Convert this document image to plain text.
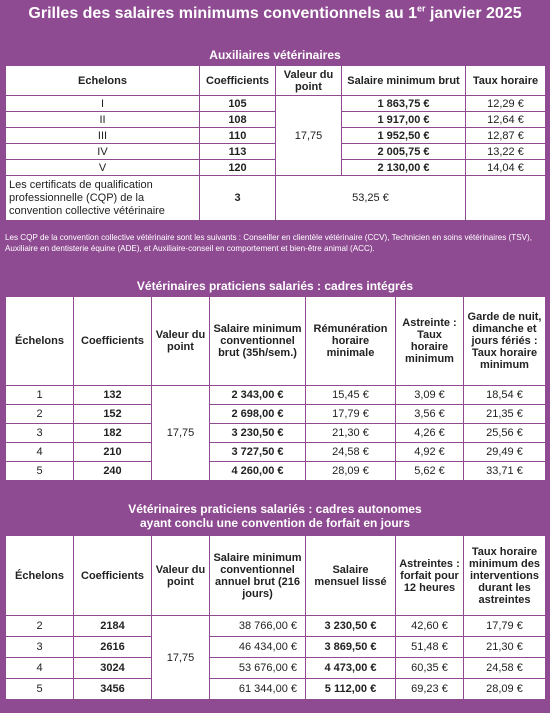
Grilles des salaires minimums conventionnels au 1er janvier 2025
Auxiliaires vétérinaires
Echelons	Coefficients	Valeur du point	Salaire minimum brut	Taux horaire
I	105	17,75	1 863,75 €	12,29 €
II	108		1 917,00 €	12,64 €
III	110		1 952,50 €	12,87 €
IV	113		2 005,75 €	13,22 €
V	120		2 130,00 €	14,04 €
Les certificats de qualification professionnelle (CQP) de la convention collective vétérinaire	3	53,25 €		
Les CQP de la convention collective vétérinaire sont les suivants : Conseiller en clientèle vétérinaire (CCV), Technicien en soins vétérinaires (TSV), Auxiliaire en dentisterie équine (ADE), et Auxiliaire-conseil en comportement et bien-être animal (ACC).
Vétérinaires praticiens salariés : cadres intégrés
Échelons	Coefficients	Valeur du point	Salaire minimum conventionnel brut (35h/sem.)	Rémunération horaire minimale	Astreinte : Taux horaire minimum	Garde de nuit, dimanche et jours fériés : Taux horaire minimum
1	132	17,75	2 343,00 €	15,45 €	3,09 €	18,54 €
2	152		2 698,00 €	17,79 €	3,56 €	21,35 €
3	182		3 230,50 €	21,30 €	4,26 €	25,56 €
4	210		3 727,50 €	24,58 €	4,92 €	29,49 €
5	240		4 260,00 €	28,09 €	5,62 €	33,71 €
Vétérinaires praticiens salariés : cadres autonomes
ayant conclu une convention de forfait en jours
Échelons	Coefficients	Valeur du point	Salaire minimum conventionnel annuel brut (216 jours)	Salaire mensuel lissé	Astreintes : forfait pour 12 heures	Taux horaire minimum des interventions durant les astreintes
2	2184	17,75	38 766,00 €	3 230,50 €	42,60 €	17,79 €
3	2616		46 434,00 €	3 869,50 €	51,48 €	21,30 €
4	3024		53 676,00 €	4 473,00 €	60,35 €	24,58 €
5	3456		61 344,00 €	5 112,00 €	69,23 €	28,09 €
